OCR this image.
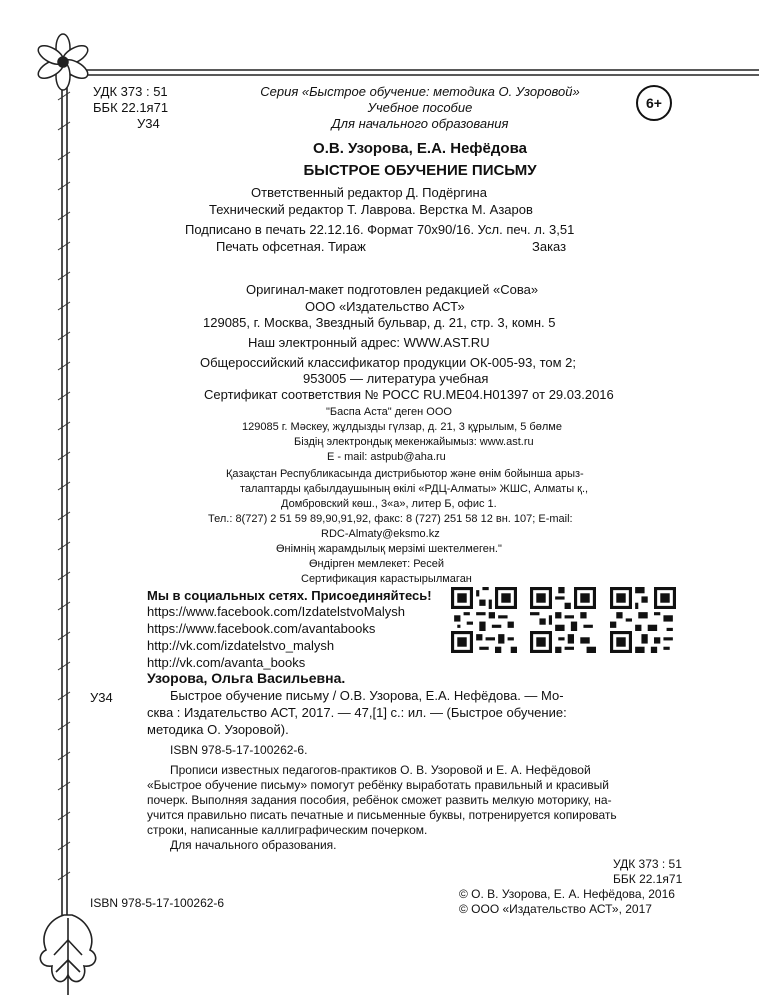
УДК 373 : 51
ББК 22.1я71
У34
Серия «Быстрое обучение: методика О. Узоровой»
Учебное пособие
Для начального образования
6+
О.В. Узорова, Е.А. Нефёдова
БЫСТРОЕ ОБУЧЕНИЕ ПИСЬМУ
Ответственный редактор Д. Подёргина
Технический редактор Т. Лаврова. Верстка М. Азаров
Подписано в печать 22.12.16. Формат 70х90/16. Усл. печ. л. 3,51
Печать офсетная. Тираж	Заказ
Оригинал-макет подготовлен редакцией «Сова»
ООО «Издательство АСТ»
129085, г. Москва, Звездный бульвар, д. 21, стр. 3, комн. 5
Наш электронный адрес: WWW.AST.RU
Общероссийский классификатор продукции ОК-005-93, том 2;
953005 — литература учебная
Сертификат соответствия № РОСС RU.МЕ04.Н01397 от 29.03.2016
"Баспа Аста" деген ООО
129085 г. Мәскеу, жұлдызды гүлзар, д. 21, 3 құрылым, 5 бөлме
Біздің электрондық мекенжайымыз: www.ast.ru
E - mail: astpub@aha.ru
Қазақстан Республикасында дистрибьютор және өнім бойынша арыз-
талаптарды қабылдаушының өкілі «РДЦ-Алматы» ЖШС, Алматы қ.,
Домбровский көш., 3«а», литер Б, офис 1.
Тел.: 8(727) 2 51 59 89,90,91,92, факс: 8 (727) 251 58 12 вн. 107; E-mail:
RDC-Almaty@eksmo.kz
Өнімнің жарамдылық мерзімі шектелмеген."
Өндірген мемлекет: Ресей
Сертификация карастырылмаган
Мы в социальных сетях. Присоединяйтесь!
https://www.facebook.com/IzdatelstvoMalysh
https://www.facebook.com/avantabooks
http://vk.com/izdatelstvo_malysh
http://vk.com/avanta_books
Узорова, Ольга Васильевна.
У34	Быстрое обучение письму / О.В. Узорова, Е.А. Нефёдова. — Мо-
сква : Издательство АСТ, 2017. — 47,[1] с.: ил. — (Быстрое обучение:
методика О. Узоровой).
ISBN 978-5-17-100262-6.
Прописи известных педагогов-практиков О. В. Узоровой и Е. А. Нефёдовой
«Быстрое обучение письму» помогут ребёнку выработать правильный и красивый
почерк. Выполняя задания пособия, ребёнок сможет развить мелкую моторику, на-
учится правильно писать печатные и письменные буквы, потренируется копировать
строки, написанные каллиграфическим почерком.
Для начального образования.
УДК 373 : 51
ББК 22.1я71
ISBN 978-5-17-100262-6
© О. В. Узорова, Е. А. Нефёдова, 2016
© ООО «Издательство АСТ», 2017
